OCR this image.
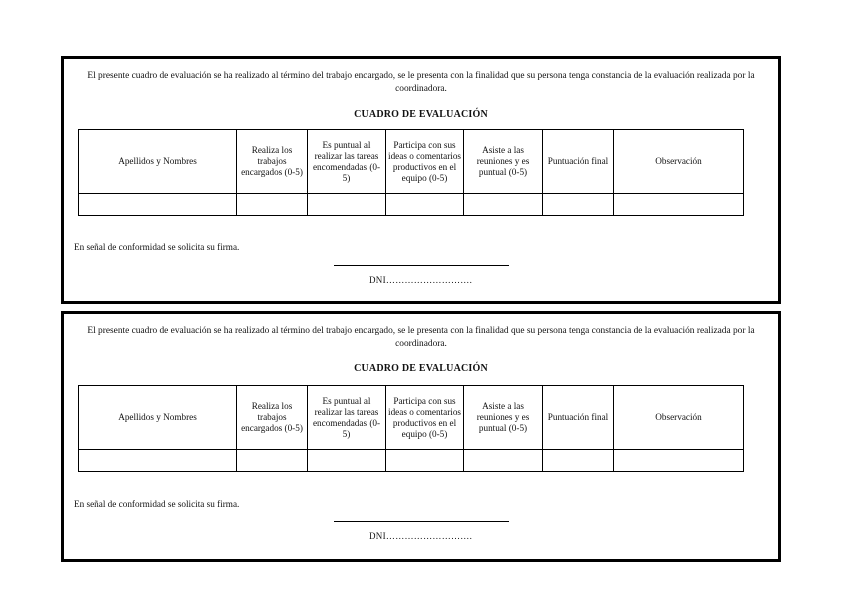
El presente cuadro de evaluación se ha realizado al término del trabajo encargado, se le presenta con la finalidad que su persona tenga constancia de la evaluación realizada por la coordinadora.
CUADRO DE EVALUACIÓN
Apellidos y Nombres	Realiza los trabajos encargados (0-5)	Es puntual al realizar las tareas encomendadas (0-5)	Participa con sus ideas o comentarios productivos en el equipo (0-5)	Asiste a las reuniones y es puntual (0-5)	Puntuación final	Observación

En señal de conformidad se solicita su firma.
DNI……………………….
El presente cuadro de evaluación se ha realizado al término del trabajo encargado, se le presenta con la finalidad que su persona tenga constancia de la evaluación realizada por la coordinadora.
CUADRO DE EVALUACIÓN
Apellidos y Nombres	Realiza los trabajos encargados (0-5)	Es puntual al realizar las tareas encomendadas (0-5)	Participa con sus ideas o comentarios productivos en el equipo (0-5)	Asiste a las reuniones y es puntual (0-5)	Puntuación final	Observación

En señal de conformidad se solicita su firma.
DNI……………………….
